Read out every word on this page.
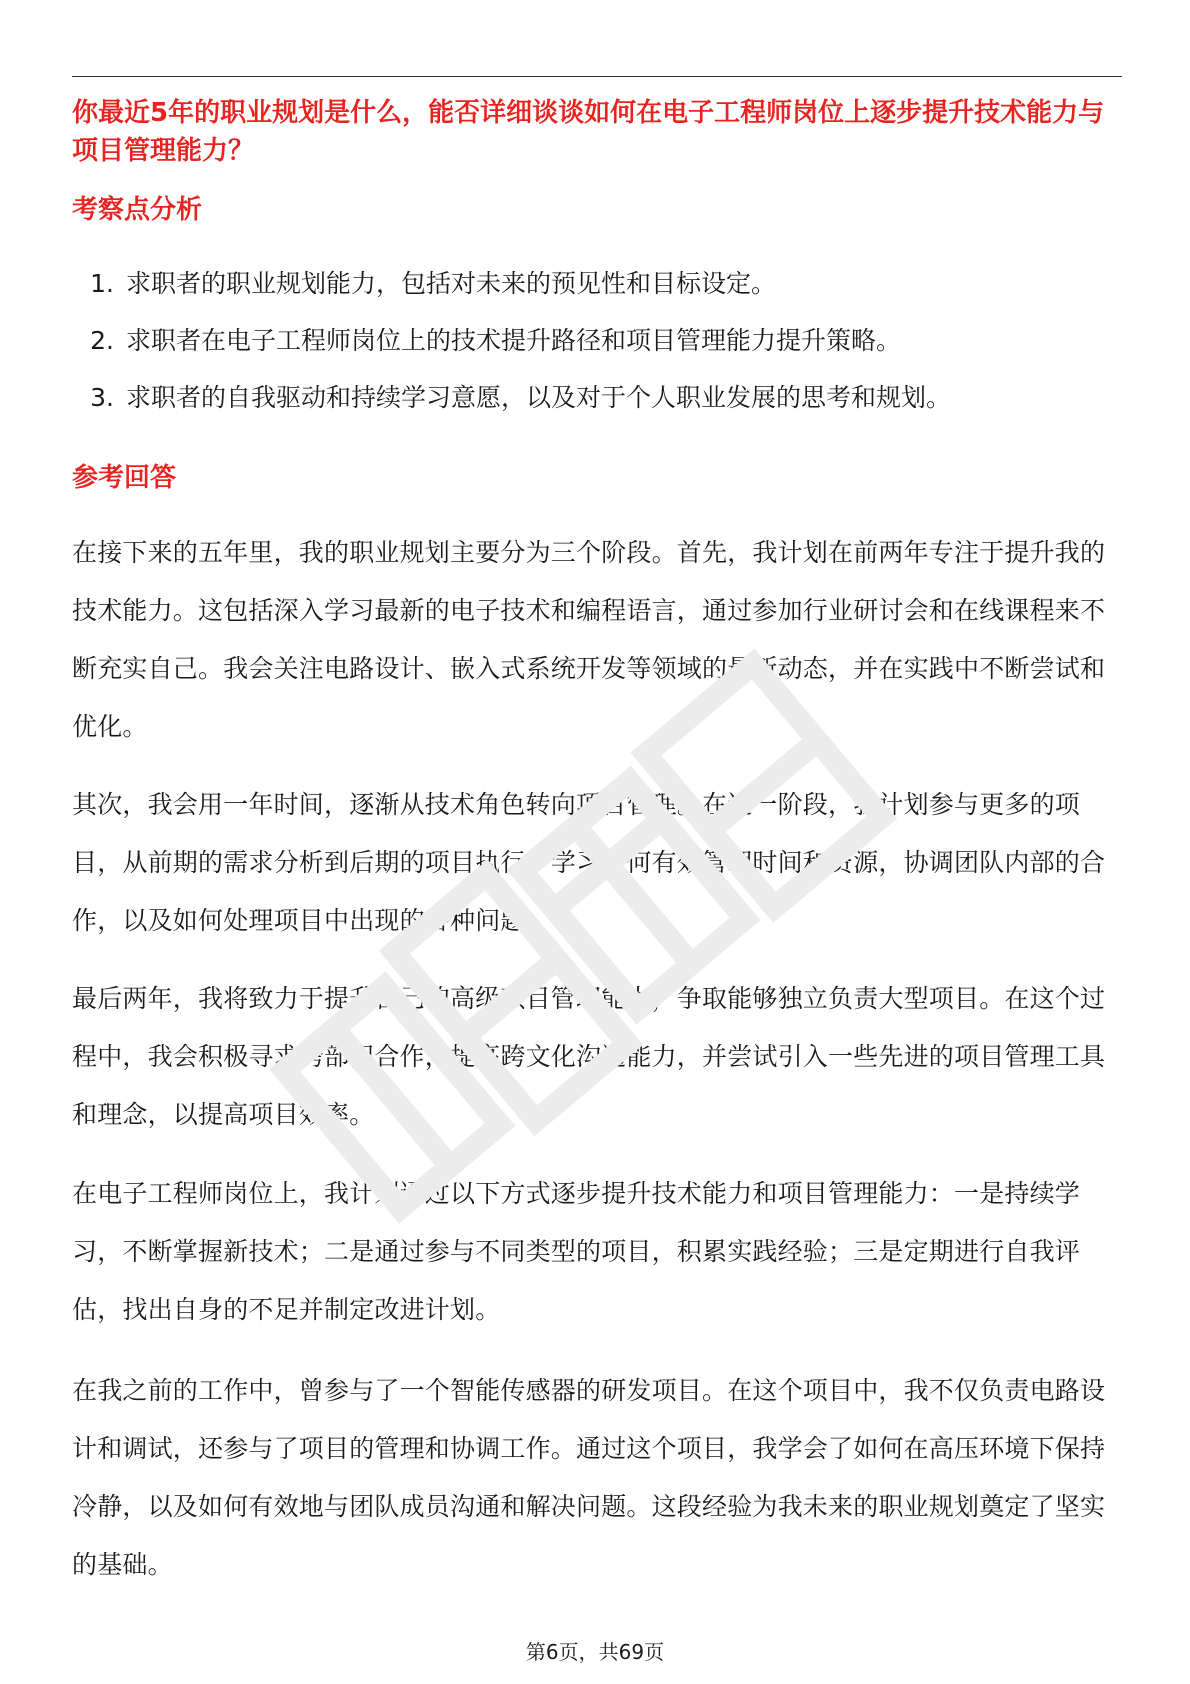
你最近5年的职业规划是什么，能否详细谈谈如何在电子工程师岗位上逐步提升技术能力与项目管理能力？
考察点分析
1. 求职者的职业规划能力，包括对未来的预见性和目标设定。
2. 求职者在电子工程师岗位上的技术提升路径和项目管理能力提升策略。
3. 求职者的自我驱动和持续学习意愿，以及对于个人职业发展的思考和规划。
参考回答

在接下来的五年里，我的职业规划主要分为三个阶段。首先，我计划在前两年专注于提升我的技术能力。这包括深入学习最新的电子技术和编程语言，通过参加行业研讨会和在线课程来不断充实自己。我会关注电路设计、嵌入式系统开发等领域的最新动态，并在实践中不断尝试和优化。

其次，我会用一年时间，逐渐从技术角色转向项目管理。在这一阶段，我计划参与更多的项目，从前期的需求分析到后期的项目执行，学习如何有效管理时间和资源，协调团队内部的合作，以及如何处理项目中出现的各种问题。

最后两年，我将致力于提升自己的高级项目管理能力，争取能够独立负责大型项目。在这个过程中，我会积极寻求跨部门合作，提高跨文化沟通能力，并尝试引入一些先进的项目管理工具和理念，以提高项目效率。

在电子工程师岗位上，我计划通过以下方式逐步提升技术能力和项目管理能力：一是持续学习，不断掌握新技术；二是通过参与不同类型的项目，积累实践经验；三是定期进行自我评估，找出自身的不足并制定改进计划。

在我之前的工作中，曾参与了一个智能传感器的研发项目。在这个项目中，我不仅负责电路设计和调试，还参与了项目的管理和协调工作。通过这个项目，我学会了如何在高压环境下保持冷静，以及如何有效地与团队成员沟通和解决问题。这段经验为我未来的职业规划奠定了坚实的基础。

第6页，共69页
